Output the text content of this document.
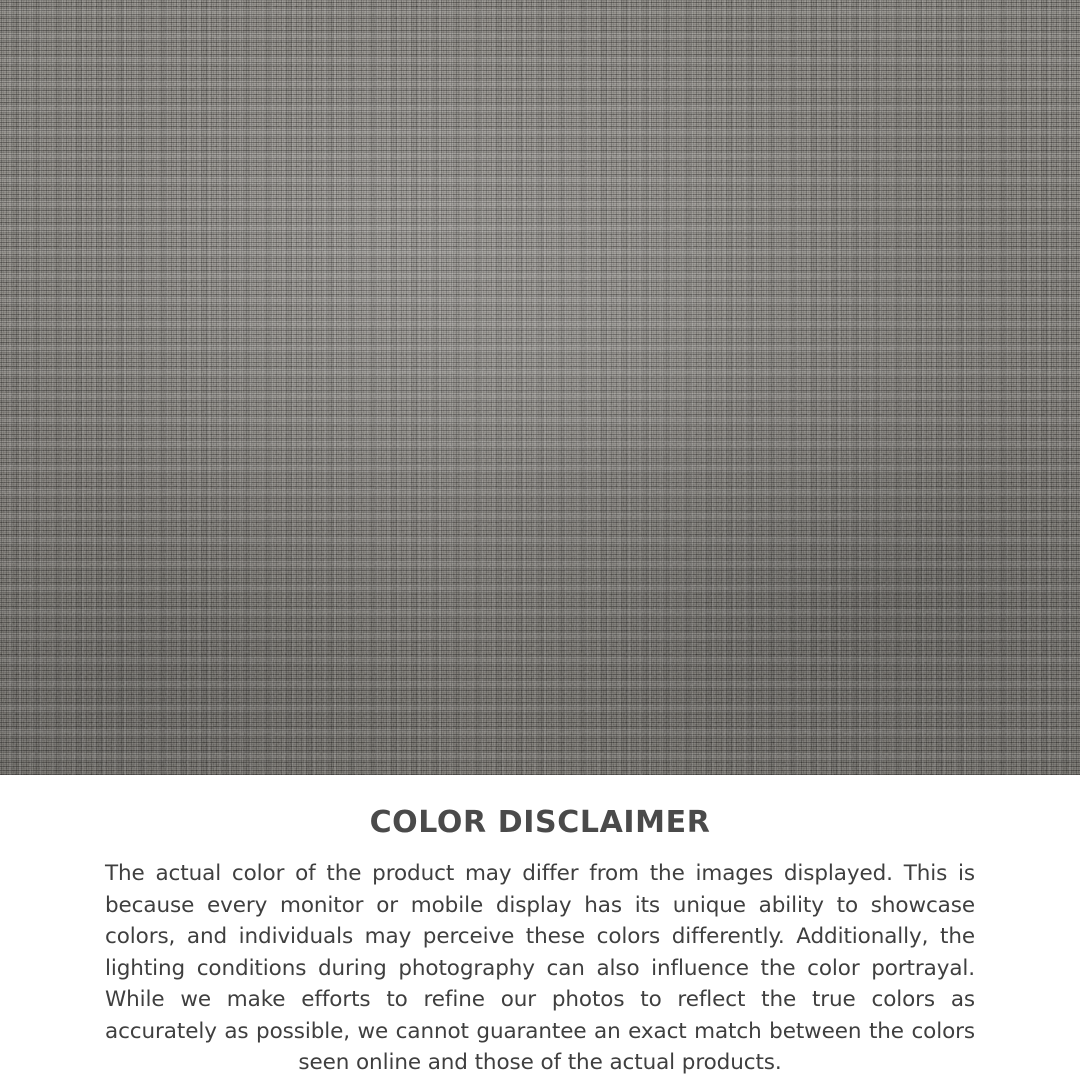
COLOR DISCLAIMER

The actual color of the product may differ from the images displayed. This is because every monitor or mobile display has its unique ability to showcase colors, and individuals may perceive these colors differently. Additionally, the lighting conditions during photography can also influence the color portrayal. While we make efforts to refine our photos to reflect the true colors as accurately as possible, we cannot guarantee an exact match between the colors seen online and those of the actual products.
